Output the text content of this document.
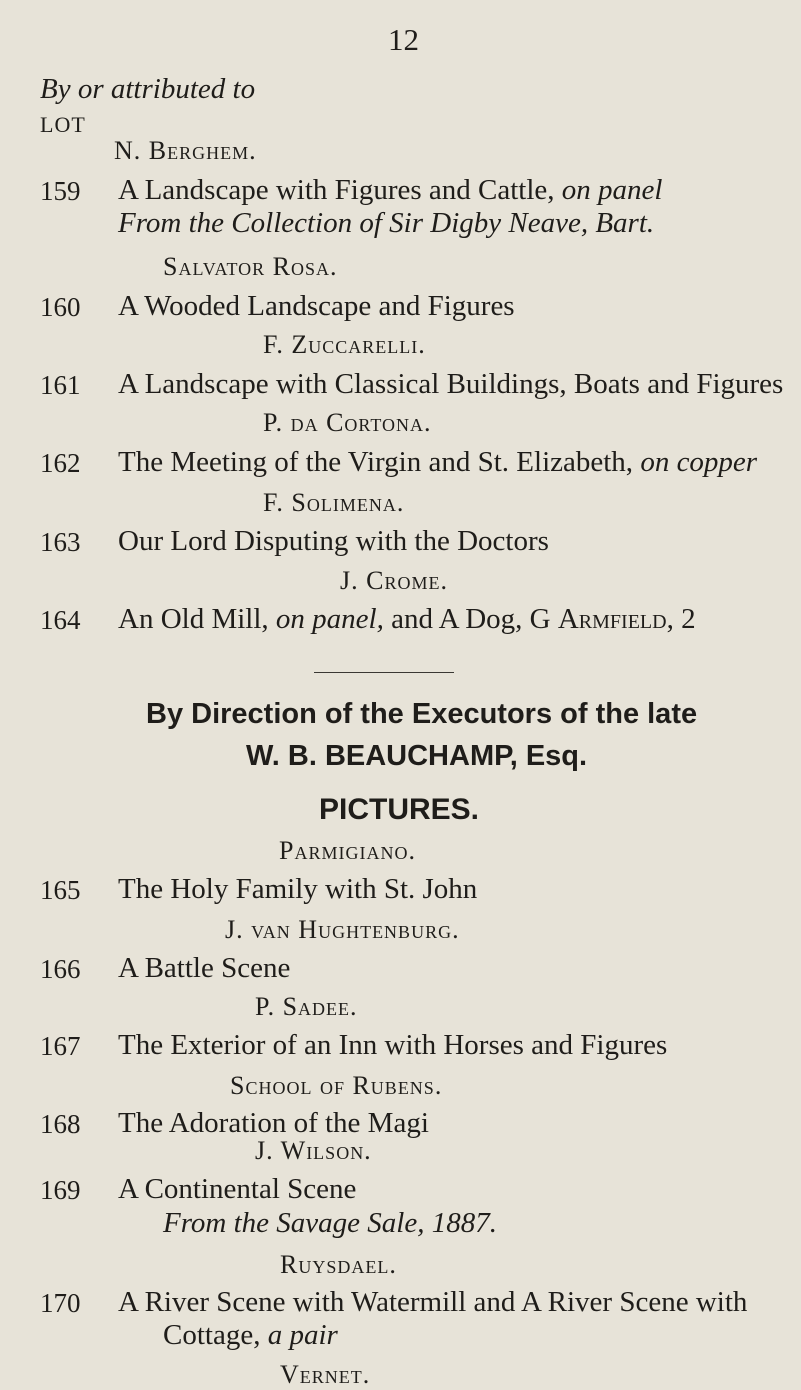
12
By or attributed to
LOT
N. Berghem.
159 A Landscape with Figures and Cattle, on panel
From the Collection of Sir Digby Neave, Bart.
Salvator Rosa.
160 A Wooded Landscape and Figures
F. Zuccarelli.
161 A Landscape with Classical Buildings, Boats and Figures
P. da Cortona.
162 The Meeting of the Virgin and St. Elizabeth, on copper
F. Solimena.
163 Our Lord Disputing with the Doctors
J. Crome.
164 An Old Mill, on panel, and A Dog, G Armfield, 2
By Direction of the Executors of the late
W. B. BEAUCHAMP, Esq.
PICTURES.
Parmigiano.
165 The Holy Family with St. John
J. van Hughtenburg.
166 A Battle Scene
P. Sadee.
167 The Exterior of an Inn with Horses and Figures
School of Rubens.
168 The Adoration of the Magi
J. Wilson.
169 A Continental Scene
From the Savage Sale, 1887.
Ruysdael.
170 A River Scene with Watermill and A River Scene with
Cottage, a pair
Vernet.
